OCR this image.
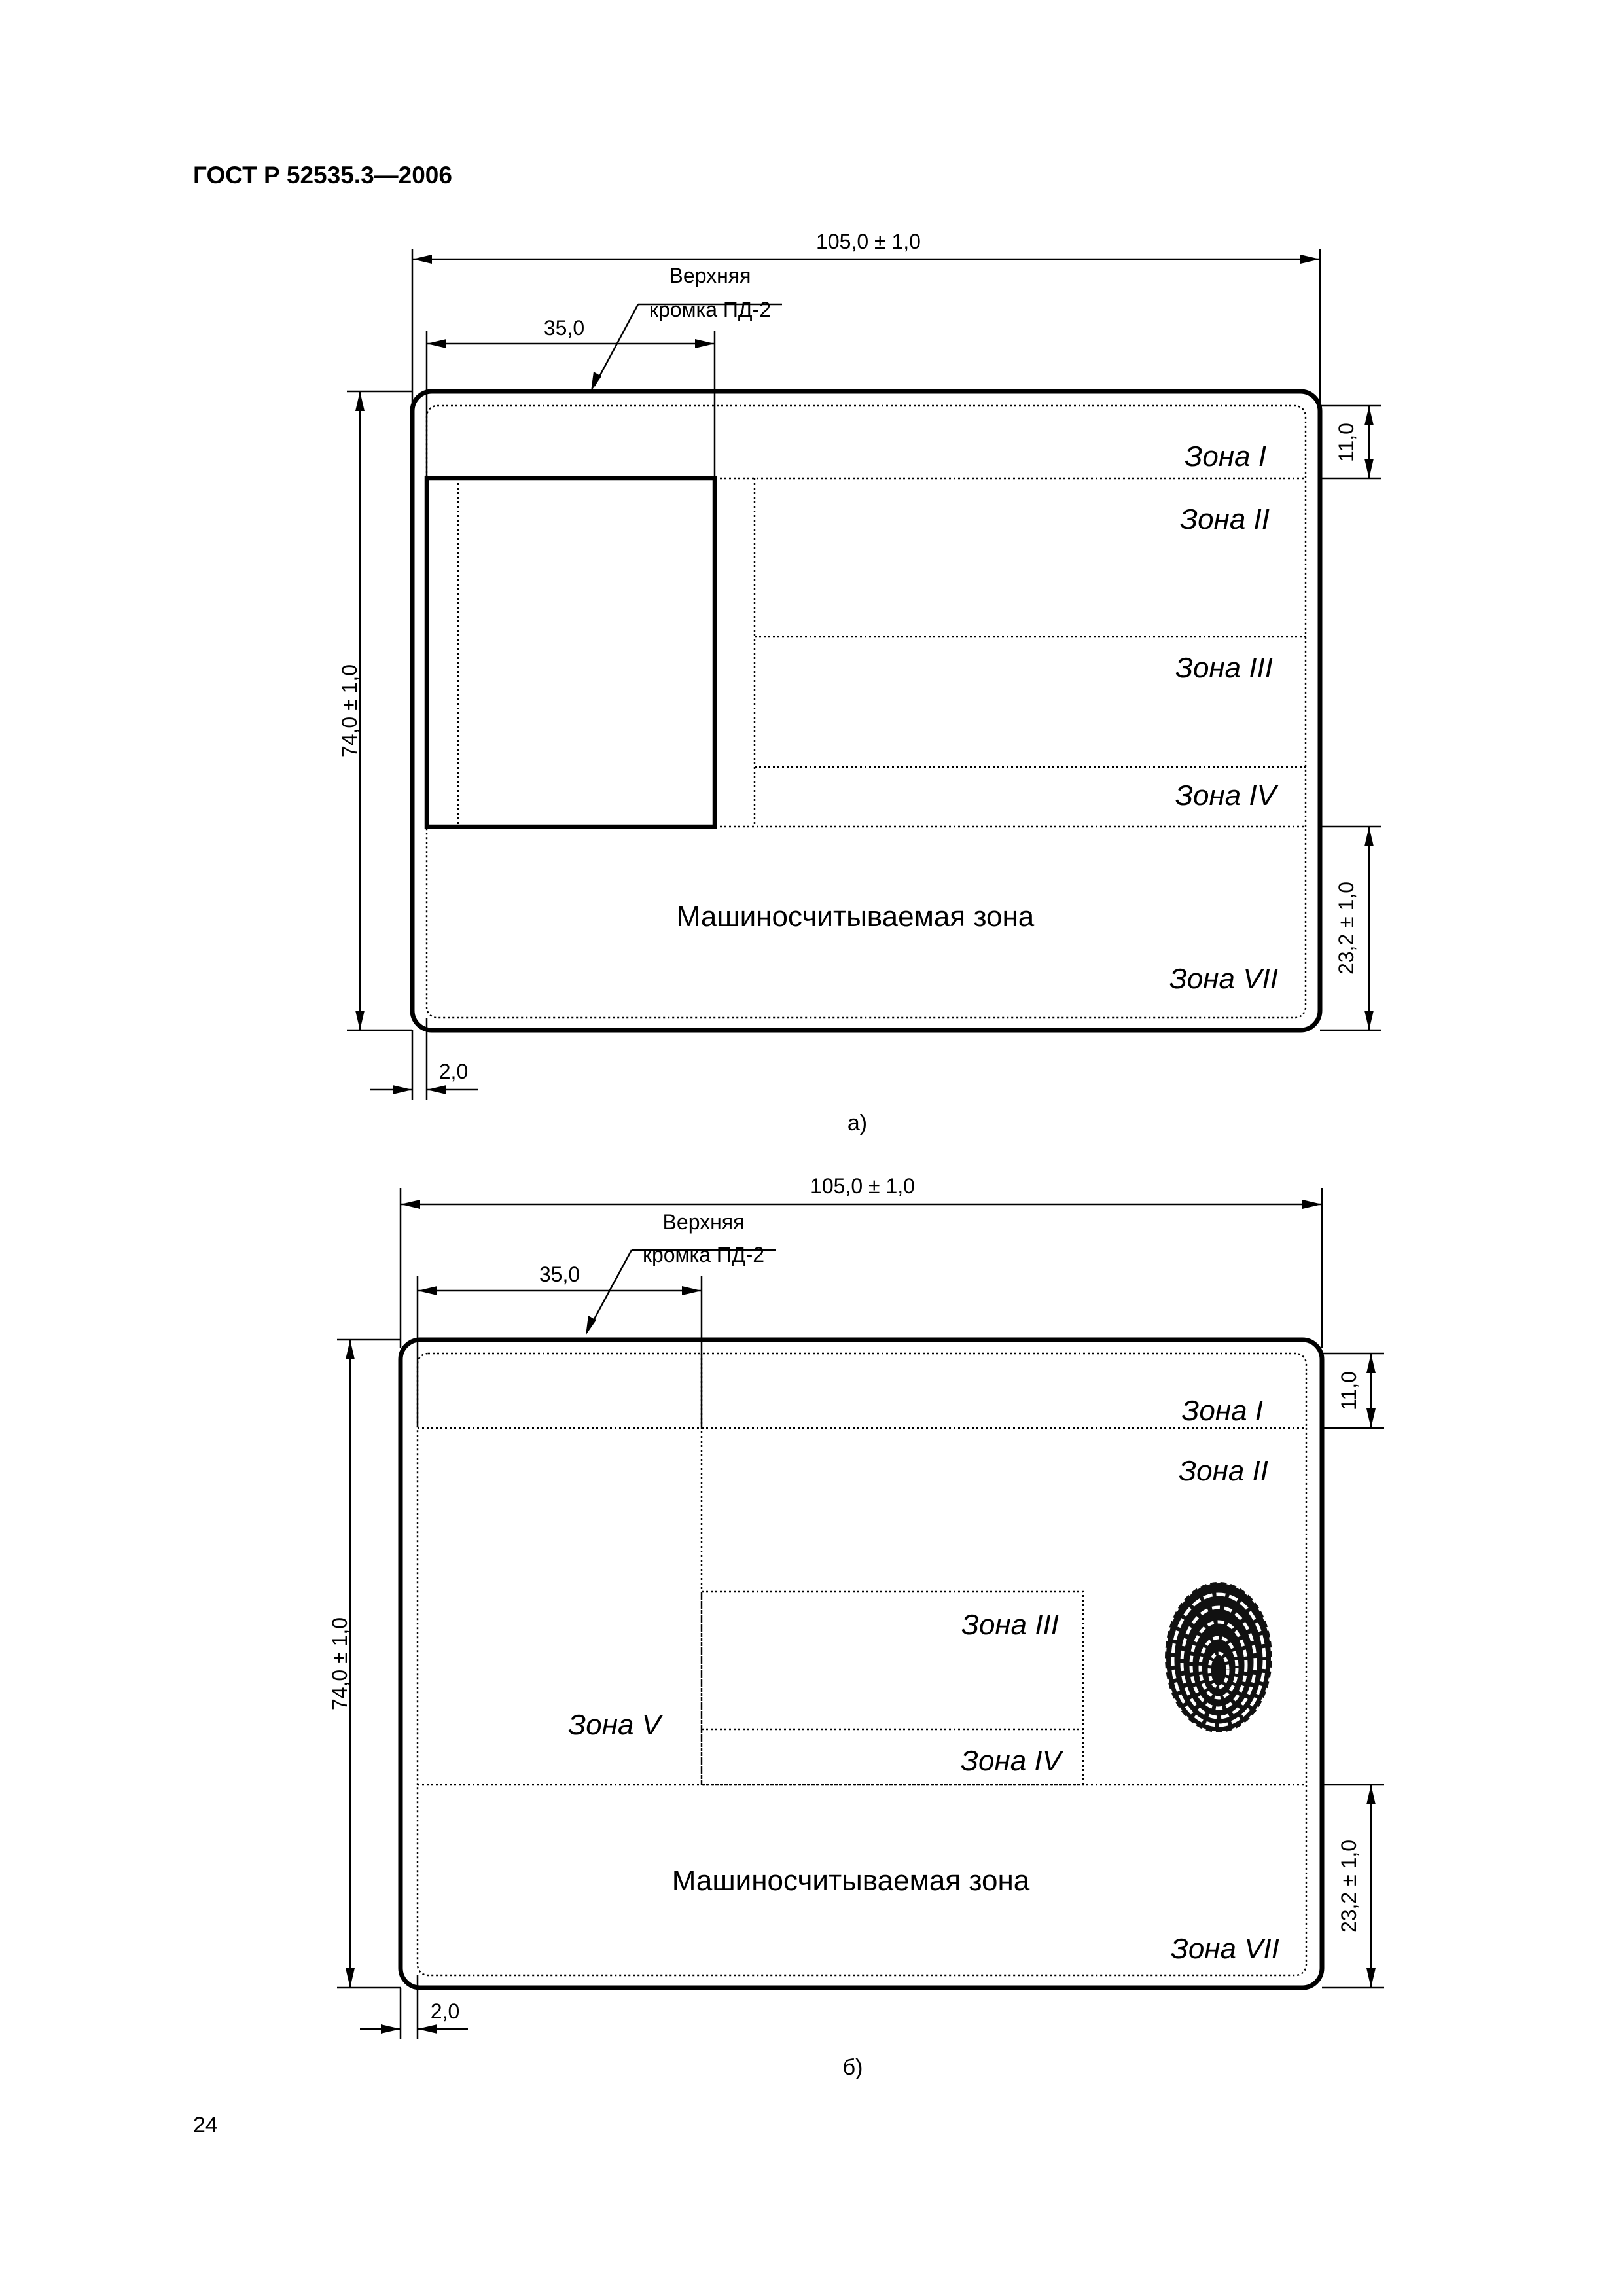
ГОСТ Р 52535.3—2006
105,0 ± 1,0
35,0
Верхняя
кромка ПД-2
Зона I
Зона II
Зона III
Зона IV
Машиносчитываемая зона
Зона VII
74,0 ± 1,0
11,0
23,2 ± 1,0
2,0
а)
105,0 ± 1,0
35,0
Верхняя
кромка ПД-2
Зона I
Зона II
Зона III
Зона IV
Зона V
Машиносчитываемая зона
Зона VII
74,0 ± 1,0
11,0
23,2 ± 1,0
2,0
б)
24
